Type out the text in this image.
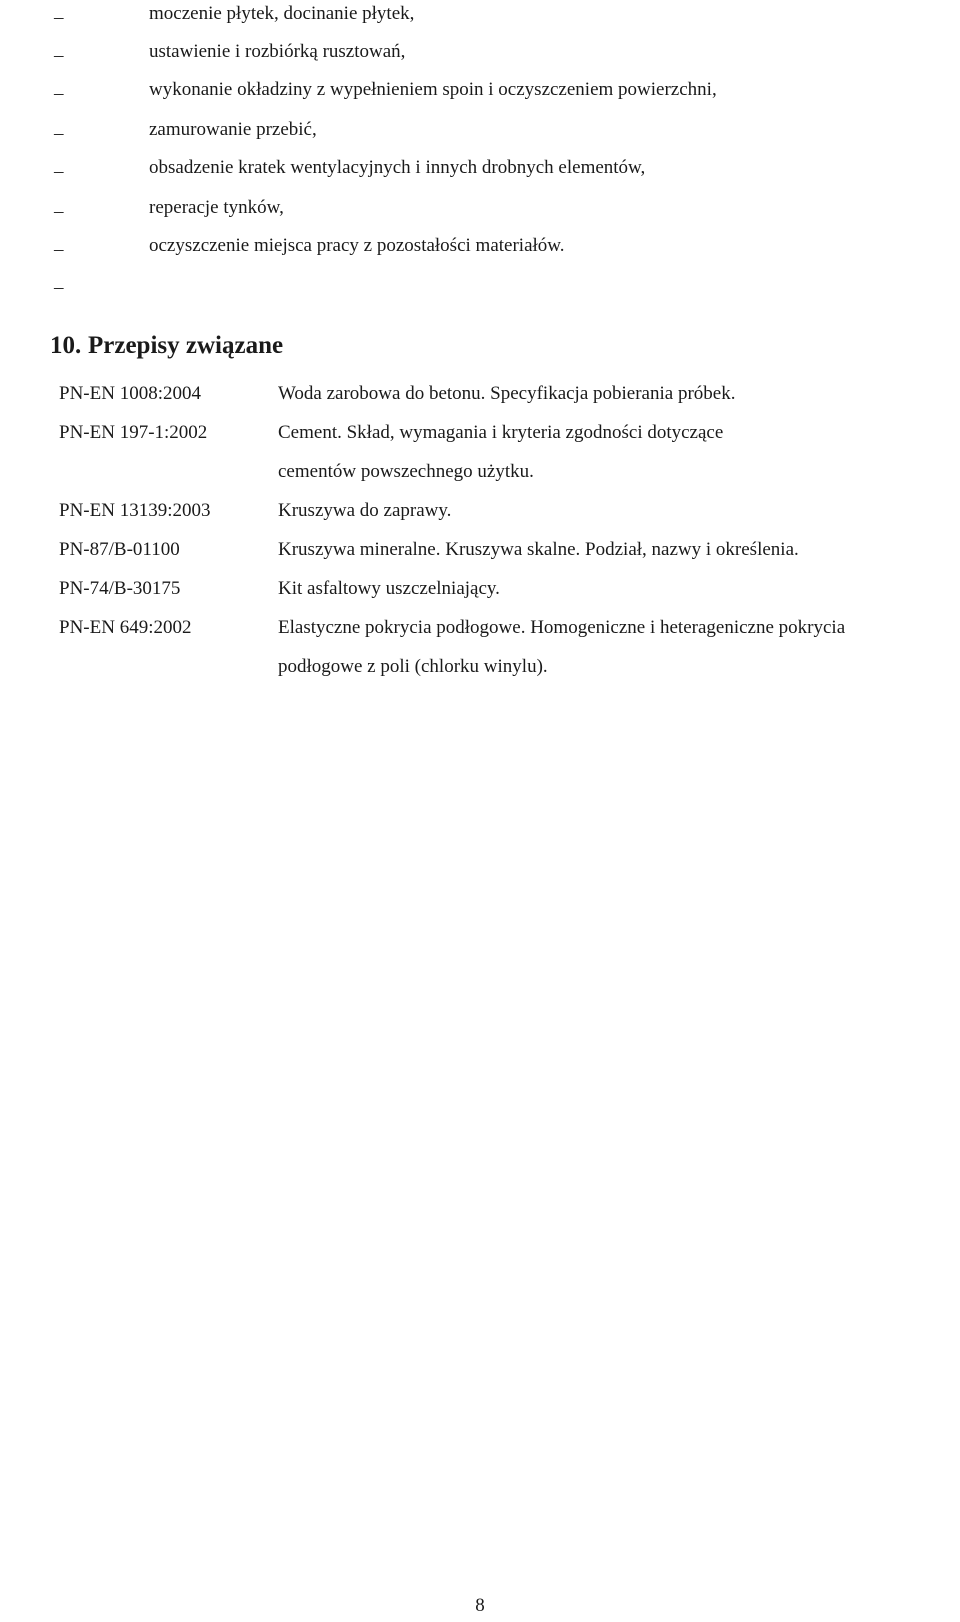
–	moczenie płytek, docinanie płytek,
–	ustawienie i rozbiórką rusztowań,
–	wykonanie okładziny z wypełnieniem spoin i oczyszczeniem powierzchni,
–	zamurowanie przebić,
–	obsadzenie kratek wentylacyjnych i innych drobnych elementów,
–	reperacje tynków,
–	oczyszczenie miejsca pracy z pozostałości materiałów.
–
10. Przepisy związane
PN-EN 1008:2004	Woda zarobowa do betonu. Specyfikacja pobierania próbek.
PN-EN 197-1:2002	Cement. Skład, wymagania i kryteria zgodności dotyczące
cementów powszechnego użytku.
PN-EN 13139:2003	Kruszywa do zaprawy.
PN-87/B-01100	Kruszywa mineralne. Kruszywa skalne. Podział, nazwy i określenia.
PN-74/B-30175	Kit asfaltowy uszczelniający.
PN-EN 649:2002	Elastyczne pokrycia podłogowe. Homogeniczne i heterageniczne pokrycia
podłogowe z poli (chlorku winylu).
8
